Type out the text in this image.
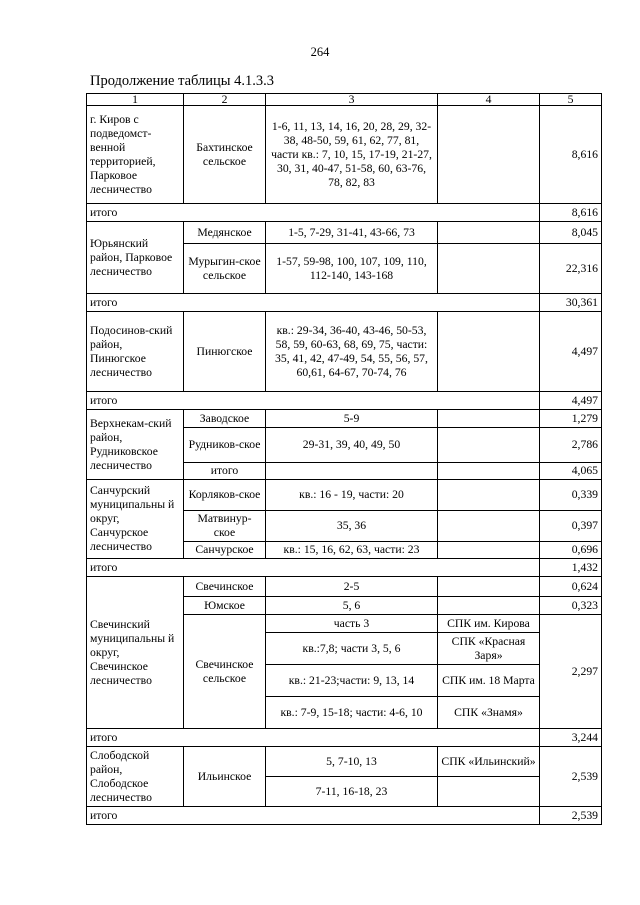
264
Продолжение таблицы 4.1.3.3
1	2	3	4	5
г. Киров с подведомст-венной территорией, Парковое лесничество	Бахтинское сельское	1-6, 11, 13, 14, 16, 20, 28, 29, 32-38, 48-50, 59, 61, 62, 77, 81, части кв.: 7, 10, 15, 17-19, 21-27, 30, 31, 40-47, 51-58, 60, 63-76, 78, 82, 83		8,616
итого				8,616
Юрьянский район, Парковое лесничество	Медянское	1-5, 7-29, 31-41, 43-66, 73		8,045
	Мурыгин-ское сельское	1-57, 59-98, 100, 107, 109, 110, 112-140, 143-168		22,316
итого				30,361
Подосинов-ский район, Пинюгское лесничество	Пинюгское	кв.: 29-34, 36-40, 43-46, 50-53, 58, 59, 60-63, 68, 69, 75, части: 35, 41, 42, 47-49, 54, 55, 56, 57, 60,61, 64-67, 70-74, 76		4,497
итого				4,497
Верхнекам-ский район, Рудниковское лесничество	Заводское	5-9		1,279
	Рудников-ское	29-31, 39, 40, 49, 50		2,786
	итого			4,065
Санчурский муниципальны й округ, Санчурское лесничество	Корляков-ское	кв.: 16 - 19, части: 20		0,339
	Матвинур-ское	35, 36		0,397
	Санчурское	кв.: 15, 16, 62, 63, части: 23		0,696
итого				1,432
Свечинский муниципальны й округ, Свечинское лесничество	Свечинское	2-5		0,624
	Юмское	5, 6		0,323
	Свечинское сельское	часть 3	СПК им. Кирова	2,297
		кв.:7,8; части 3, 5, 6	СПК «Красная Заря»	
		кв.: 21-23;части: 9, 13, 14	СПК им. 18 Марта	
		кв.: 7-9, 15-18; части: 4-6, 10	СПК «Знамя»	
итого				3,244
Слободской район, Слободское лесничество	Ильинское	5, 7-10, 13	СПК «Ильинский»	2,539
		7-11, 16-18, 23		
итого				2,539
